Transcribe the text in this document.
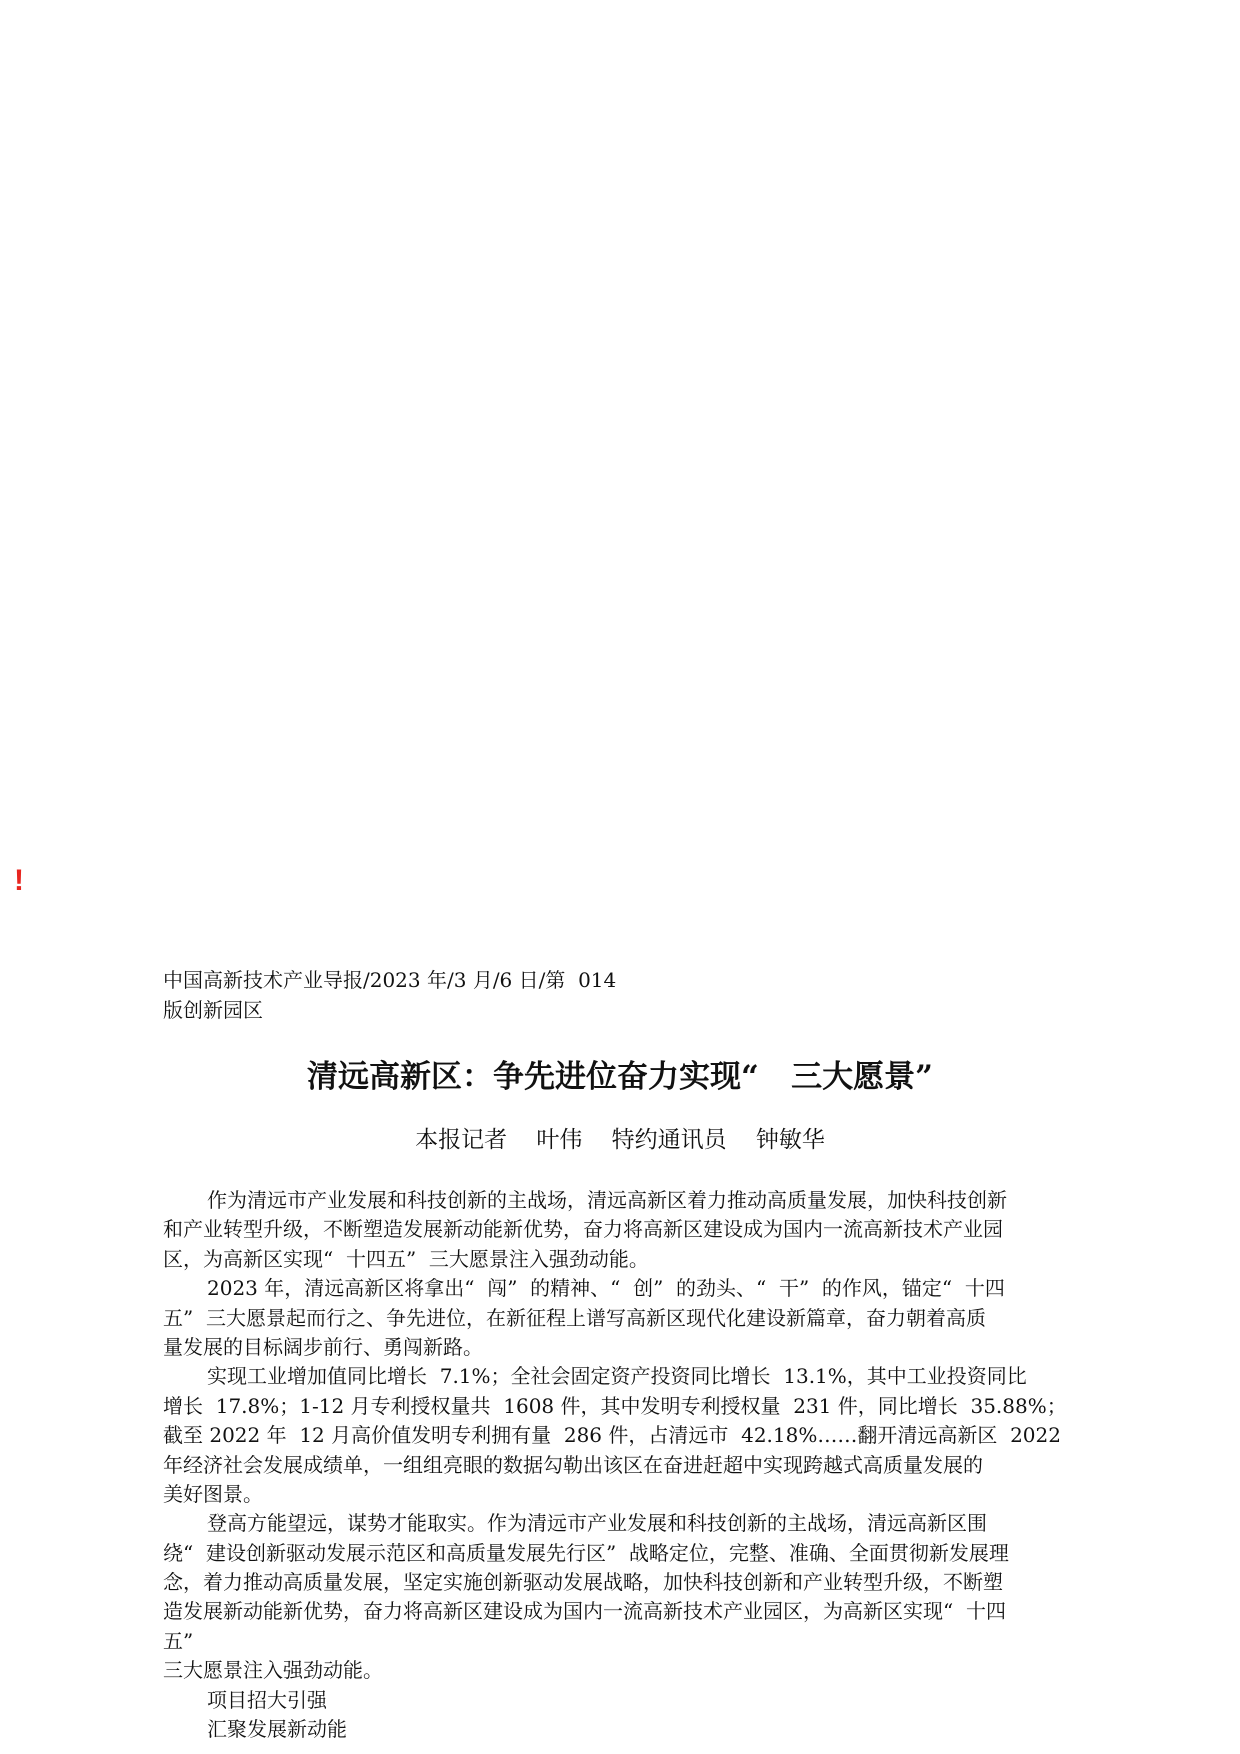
!
中国高新技术产业导报/2023 年/3 月/6 日/第  014
版创新园区
清远高新区：争先进位奋力实现“   三大愿景”
本报记者    叶伟    特约通讯员    钟敏华
作为清远市产业发展和科技创新的主战场，清远高新区着力推动高质量发展，加快科技创新
和产业转型升级，不断塑造发展新动能新优势，奋力将高新区建设成为国内一流高新技术产业园
区，为高新区实现“  十四五”  三大愿景注入强劲动能。
2023 年，清远高新区将拿出“  闯”  的精神、“  创”  的劲头、“  干”  的作风，锚定“  十四
五”  三大愿景起而行之、争先进位，在新征程上谱写高新区现代化建设新篇章，奋力朝着高质
量发展的目标阔步前行、勇闯新路。
实现工业增加值同比增长  7.1%；全社会固定资产投资同比增长  13.1%，其中工业投资同比
增长  17.8%；1-12 月专利授权量共  1608 件，其中发明专利授权量  231 件，同比增长  35.88%；
截至 2022 年  12 月高价值发明专利拥有量  286 件，占清远市  42.18%……翻开清远高新区  2022
年经济社会发展成绩单，一组组亮眼的数据勾勒出该区在奋进赶超中实现跨越式高质量发展的
美好图景。
登高方能望远，谋势才能取实。作为清远市产业发展和科技创新的主战场，清远高新区围
绕“  建设创新驱动发展示范区和高质量发展先行区”  战略定位，完整、准确、全面贯彻新发展理
念，着力推动高质量发展，坚定实施创新驱动发展战略，加快科技创新和产业转型升级，不断塑
造发展新动能新优势，奋力将高新区建设成为国内一流高新技术产业园区，为高新区实现“  十四
五”
三大愿景注入强劲动能。
项目招大引强
汇聚发展新动能
